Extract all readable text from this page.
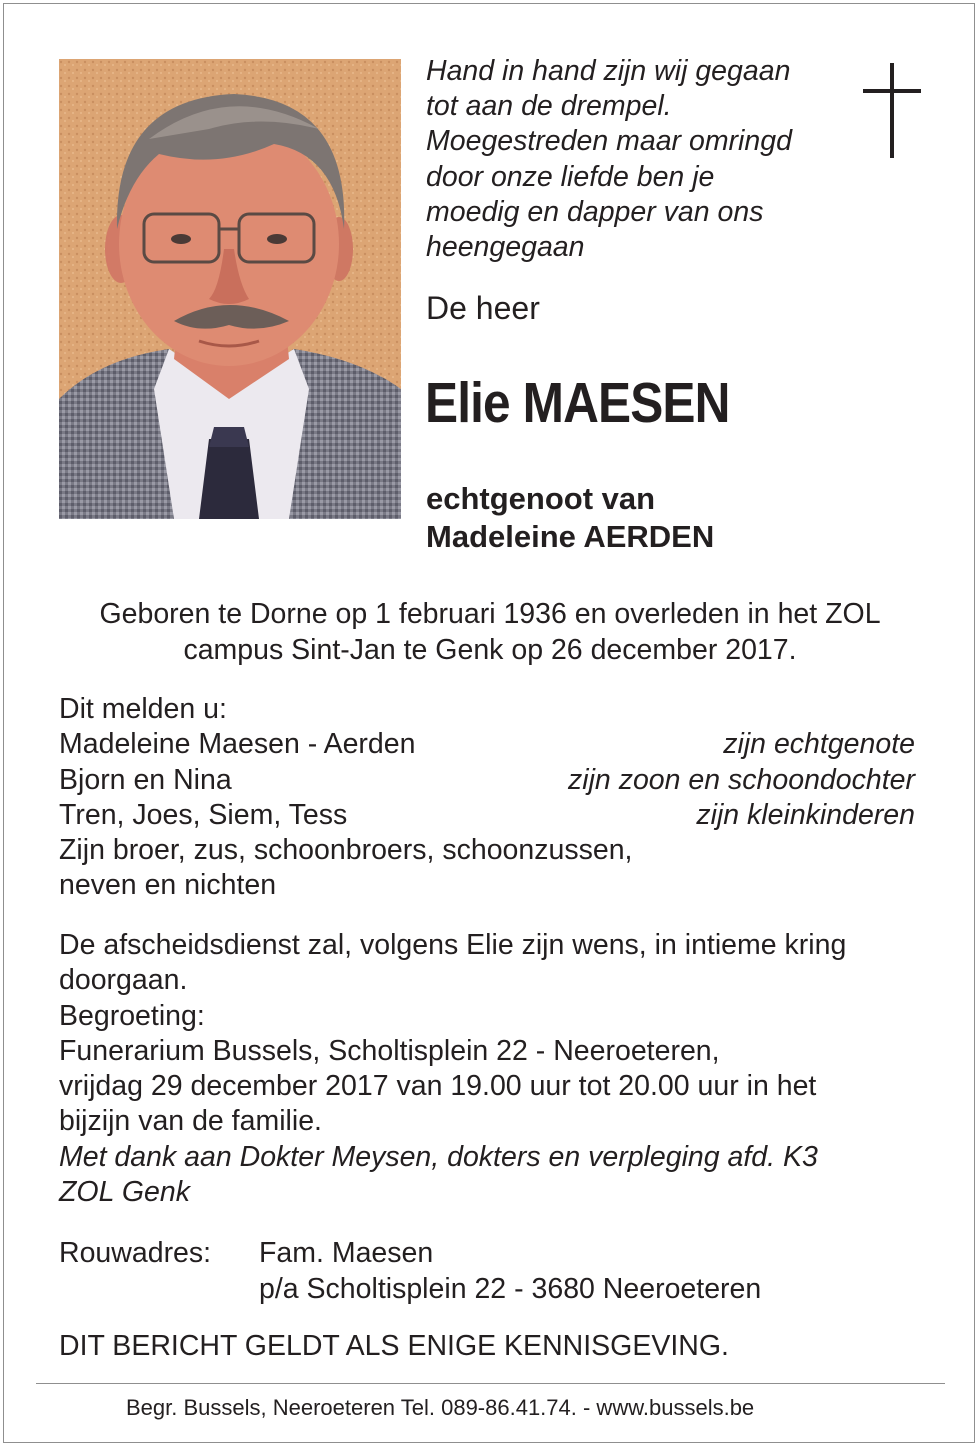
Hand in hand zijn wij gegaan
tot aan de drempel.
Moegestreden maar omringd
door onze liefde ben je
moedig en dapper van ons
heengegaan
De heer
Elie MAESEN
echtgenoot van
Madeleine AERDEN
Geboren te Dorne op 1 februari 1936 en overleden in het ZOL
campus Sint-Jan te Genk op 26 december 2017.
Dit melden u:
Madeleine Maesen - Aerden	zijn echtgenote
Bjorn en Nina	zijn zoon en schoondochter
Tren, Joes, Siem, Tess	zijn kleinkinderen
Zijn broer, zus, schoonbroers, schoonzussen,
neven en nichten
De afscheidsdienst zal, volgens Elie zijn wens, in intieme kring
doorgaan.
Begroeting:
Funerarium Bussels, Scholtisplein 22 - Neeroeteren,
vrijdag 29 december 2017 van 19.00 uur tot 20.00 uur in het
bijzijn van de familie.
Met dank aan Dokter Meysen, dokters en verpleging afd. K3
ZOL Genk
Rouwadres: Fam. Maesen
p/a Scholtisplein 22 - 3680 Neeroeteren
DIT BERICHT GELDT ALS ENIGE KENNISGEVING.
Begr. Bussels, Neeroeteren Tel. 089-86.41.74. - www.bussels.be
